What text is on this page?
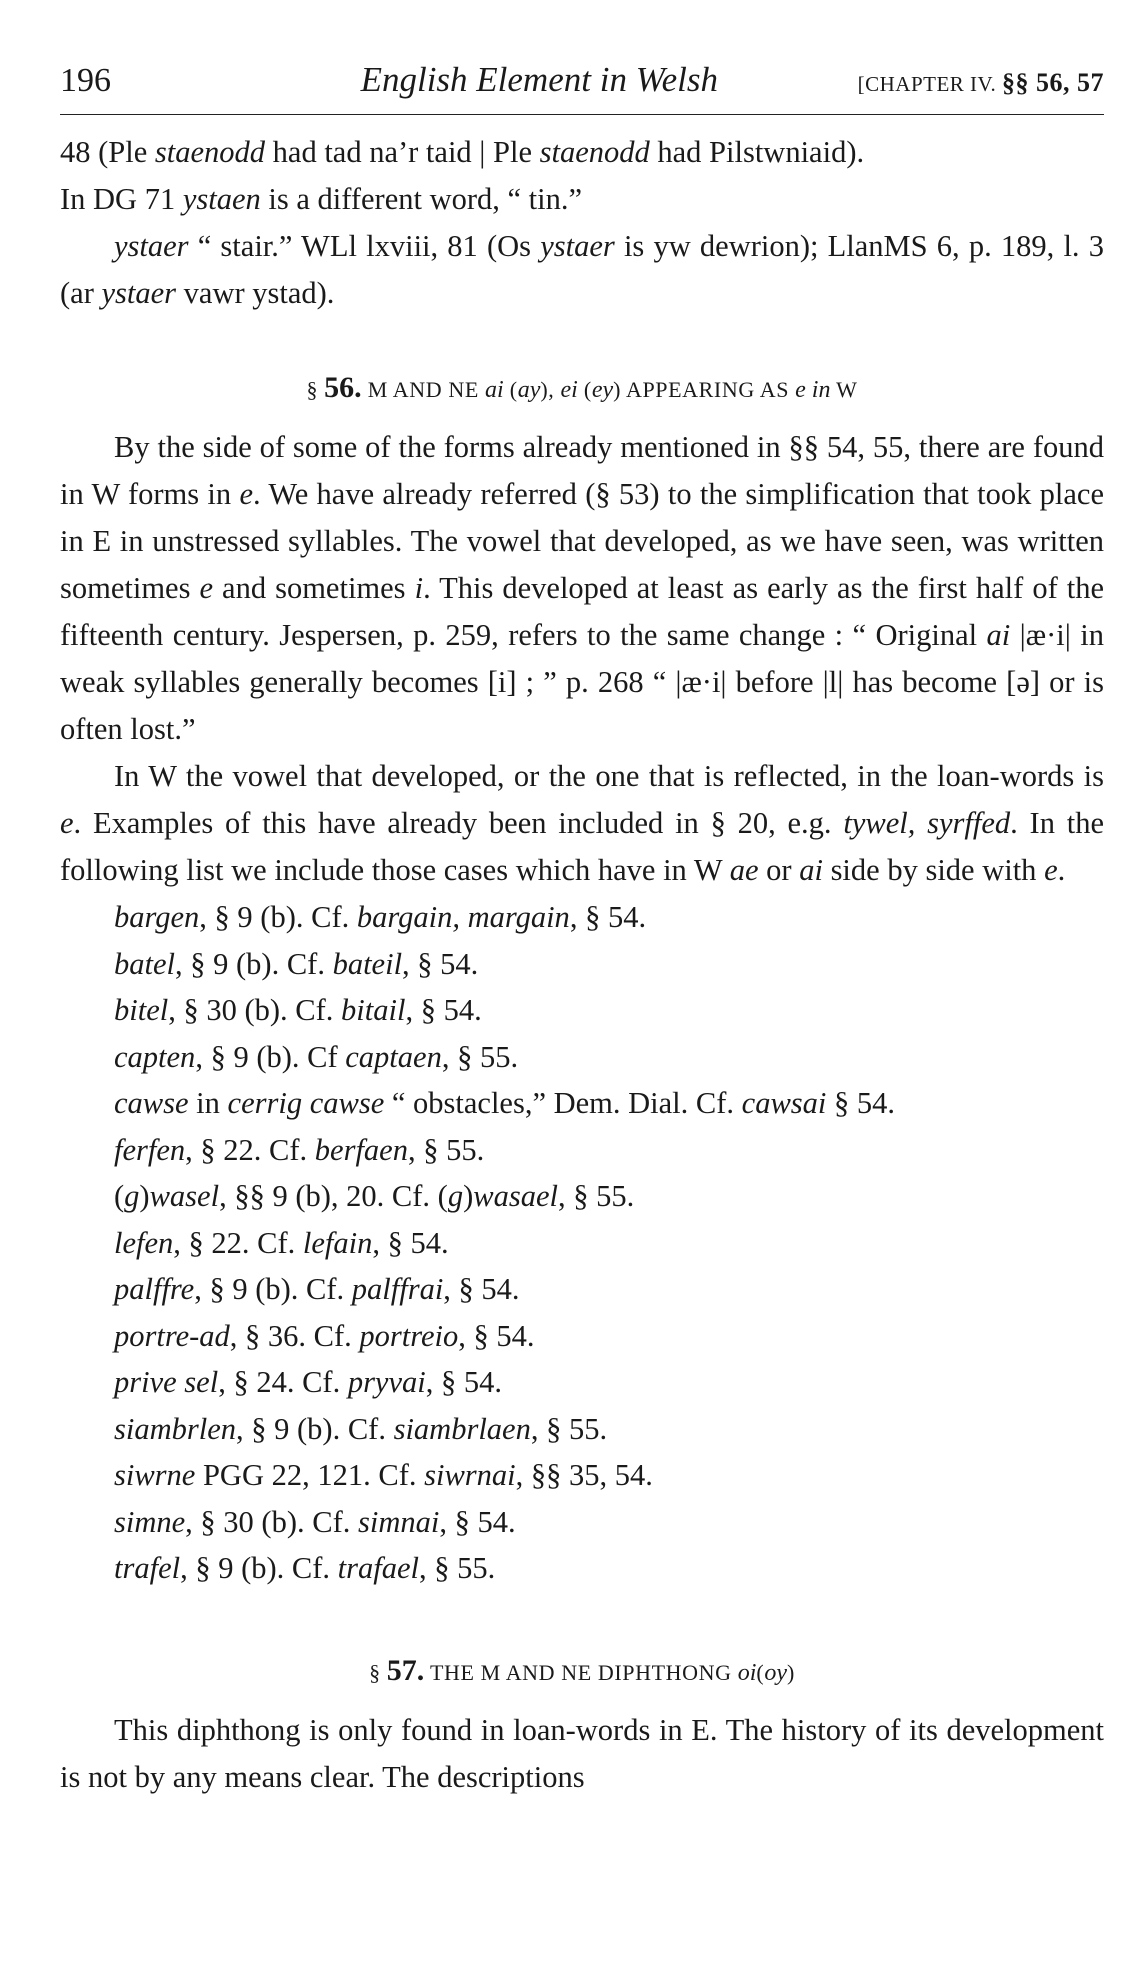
196	English Element in Welsh	[CHAPTER IV. §§ 56, 57

48 (Ple staenodd had tad na’r taid | Ple staenodd had Pilstwniaid).
In DG 71 ystaen is a different word, “ tin.”

ystaer “ stair.” WLl lxviii, 81 (Os ystaer is yw dewrion); LlanMS 6, p. 189, l. 3 (ar ystaer vawr ystad).

§ 56. M AND NE ai (ay), ei (ey) APPEARING AS e in W

By the side of some of the forms already mentioned in §§ 54, 55, there are found in W forms in e. We have already referred (§ 53) to the simplification that took place in E in unstressed syllables. The vowel that developed, as we have seen, was written sometimes e and sometimes i. This developed at least as early as the first half of the fifteenth century. Jespersen, p. 259, refers to the same change : “ Original ai |æ·i| in weak syllables generally becomes [i] ; ” p. 268 “ |æ·i| before |l| has become [ə] or is often lost.”

In W the vowel that developed, or the one that is reflected, in the loan-words is e. Examples of this have already been included in § 20, e.g. tywel, syrffed. In the following list we include those cases which have in W ae or ai side by side with e.

bargen, § 9 (b). Cf. bargain, margain, § 54.
batel, § 9 (b). Cf. bateil, § 54.
bitel, § 30 (b). Cf. bitail, § 54.
capten, § 9 (b). Cf captaen, § 55.
cawse in cerrig cawse “ obstacles,” Dem. Dial. Cf. cawsai § 54.
ferfen, § 22. Cf. berfaen, § 55.
(g)wasel, §§ 9 (b), 20. Cf. (g)wasael, § 55.
lefen, § 22. Cf. lefain, § 54.
palffre, § 9 (b). Cf. palffrai, § 54.
portre-ad, § 36. Cf. portreio, § 54.
prive sel, § 24. Cf. pryvai, § 54.
siambrlen, § 9 (b). Cf. siambrlaen, § 55.
siwrne PGG 22, 121. Cf. siwrnai, §§ 35, 54.
simne, § 30 (b). Cf. simnai, § 54.
trafel, § 9 (b). Cf. trafael, § 55.
§ 57. THE M AND NE DIPHTHONG oi(oy)

This diphthong is only found in loan-words in E. The history of its development is not by any means clear. The descriptions
